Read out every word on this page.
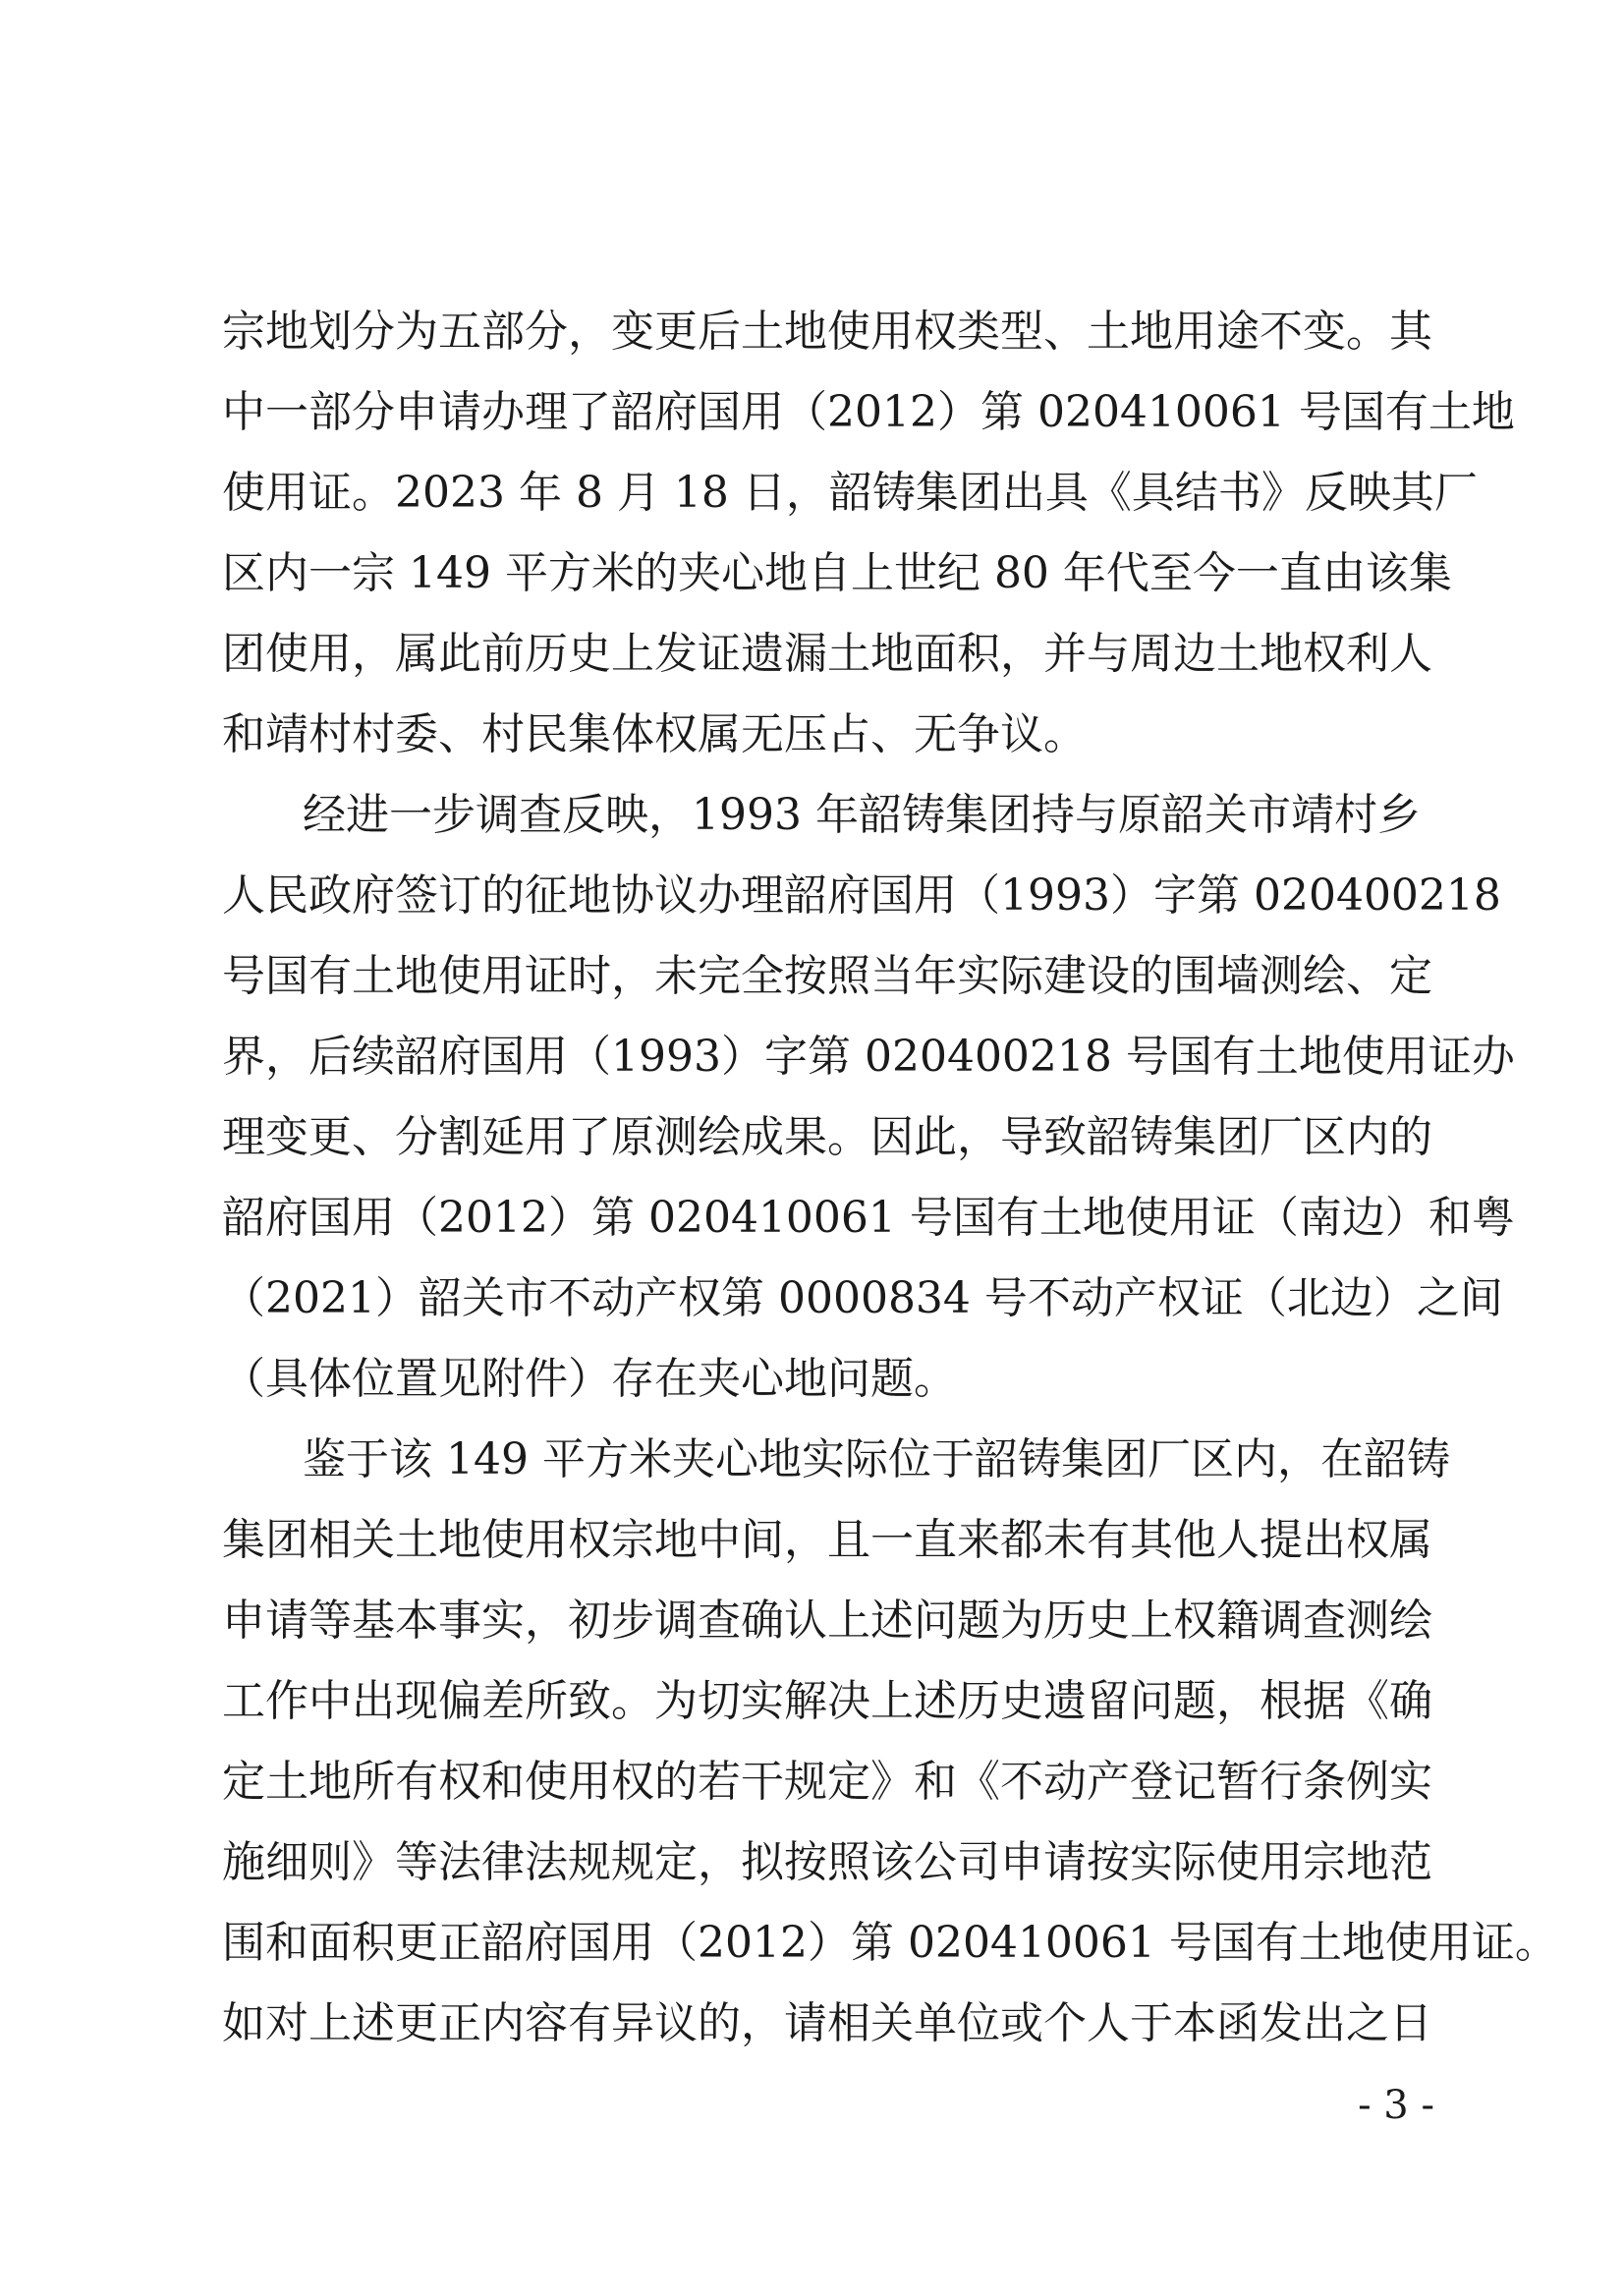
宗地划分为五部分，变更后土地使用权类型、土地用途不变。其
中一部分申请办理了韶府国用（2012）第 020410061 号国有土地
使用证。2023 年 8 月 18 日，韶铸集团出具《具结书》反映其厂
区内一宗 149 平方米的夹心地自上世纪 80 年代至今一直由该集
团使用，属此前历史上发证遗漏土地面积，并与周边土地权利人
和靖村村委、村民集体权属无压占、无争议。
经进一步调查反映，1993 年韶铸集团持与原韶关市靖村乡
人民政府签订的征地协议办理韶府国用（1993）字第 020400218
号国有土地使用证时，未完全按照当年实际建设的围墙测绘、定
界，后续韶府国用（1993）字第 020400218 号国有土地使用证办
理变更、分割延用了原测绘成果。因此，导致韶铸集团厂区内的
韶府国用（2012）第 020410061 号国有土地使用证（南边）和粤
（2021）韶关市不动产权第 0000834 号不动产权证（北边）之间
（具体位置见附件）存在夹心地问题。
鉴于该 149 平方米夹心地实际位于韶铸集团厂区内，在韶铸
集团相关土地使用权宗地中间，且一直来都未有其他人提出权属
申请等基本事实，初步调查确认上述问题为历史上权籍调查测绘
工作中出现偏差所致。为切实解决上述历史遗留问题，根据《确
定土地所有权和使用权的若干规定》和《不动产登记暂行条例实
施细则》等法律法规规定，拟按照该公司申请按实际使用宗地范
围和面积更正韶府国用（2012）第 020410061 号国有土地使用证。
如对上述更正内容有异议的，请相关单位或个人于本函发出之日
- 3 -
